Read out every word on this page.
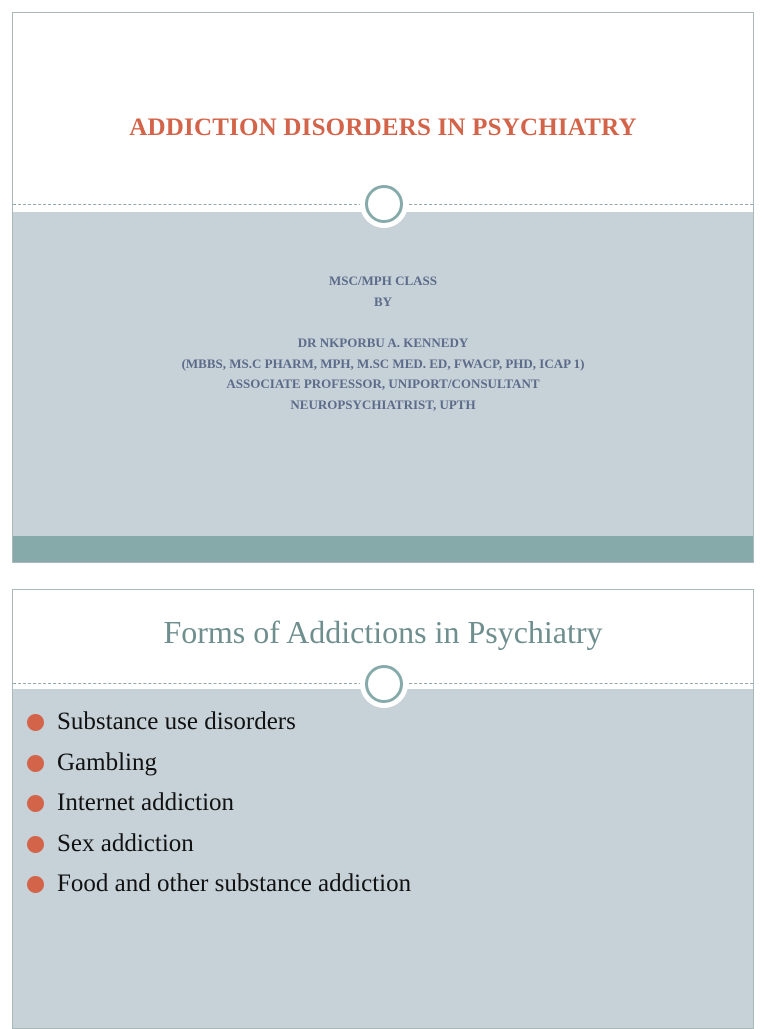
ADDICTION DISORDERS IN PSYCHIATRY
MSC/MPH CLASS
BY
DR NKPORBU A. KENNEDY
(MBBS, MS.C PHARM, MPH, M.SC MED. ED, FWACP, PHD, ICAP 1)
ASSOCIATE PROFESSOR, UNIPORT/CONSULTANT
NEUROPSYCHIATRIST, UPTH
Forms of Addictions in Psychiatry
Substance use disorders
Gambling
Internet addiction
Sex addiction
Food and other substance addiction
